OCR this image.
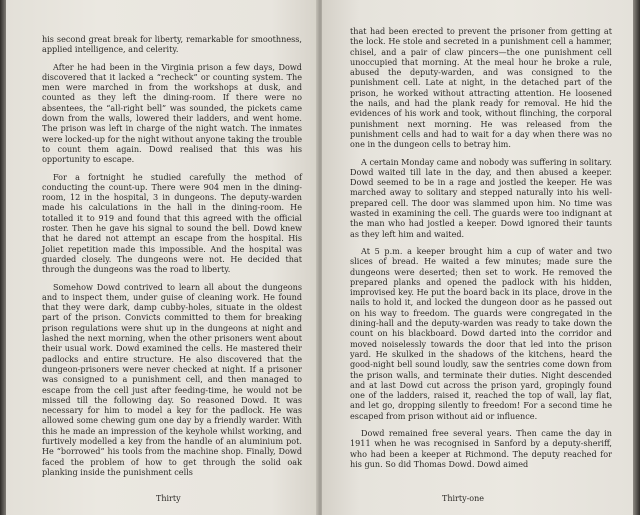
his second great break for liberty, remarkable for smoothness, applied intelligence, and celerity.

After he had been in the Virginia prison a few days, Dowd discovered that it lacked a “recheck” or counting system. The men were marched in from the workshops at dusk, and counted as they left the dining-room. If there were no absentees, the “all-right bell” was sounded, the pickets came down from the walls, lowered their ladders, and went home. The prison was left in charge of the night watch. The inmates were locked-up for the night without anyone taking the trouble to count them again. Dowd realised that this was his opportunity to escape.

For a fortnight he studied carefully the method of conducting the count-up. There were 904 men in the dining-room, 12 in the hospital, 3 in dungeons. The deputy-warden made his calculations in the hall in the dining-room. He totalled it to 919 and found that this agreed with the official roster. Then he gave his signal to sound the bell. Dowd knew that he dared not attempt an escape from the hospital. His Joliet repetition made this impossible. And the hospital was guarded closely. The dungeons were not. He decided that through the dungeons was the road to liberty.

Somehow Dowd contrived to learn all about the dungeons and to inspect them, under guise of cleaning work. He found that they were dark, damp cubby-holes, situate in the oldest part of the prison. Convicts committed to them for breaking prison regulations were shut up in the dungeons at night and lashed the next morning, when the other prisoners went about their usual work. Dowd examined the cells. He mastered their padlocks and entire structure. He also discovered that the dungeon-prisoners were never checked at night. If a prisoner was consigned to a punishment cell, and then managed to escape from the cell just after feeding-time, he would not be missed till the following day. So reasoned Dowd. It was necessary for him to model a key for the padlock. He was allowed some chewing gum one day by a friendly warder. With this he made an impression of the keyhole whilst working, and furtively modelled a key from the handle of an aluminium pot. He “borrowed” his tools from the machine shop. Finally, Dowd faced the problem of how to get through the solid oak planking inside the punishment cells

Thirty

that had been erected to prevent the prisoner from getting at the lock. He stole and secreted in a punishment cell a hammer, chisel, and a pair of claw pincers—the one punishment cell unoccupied that morning. At the meal hour he broke a rule, abused the deputy-warden, and was consigned to the punishment cell. Late at night, in the detached part of the prison, he worked without attracting attention. He loosened the nails, and had the plank ready for removal. He hid the evidences of his work and took, without flinching, the corporal punishment next morning. He was released from the punishment cells and had to wait for a day when there was no one in the dungeon cells to betray him.

A certain Monday came and nobody was suffering in solitary. Dowd waited till late in the day, and then abused a keeper. Dowd seemed to be in a rage and jostled the keeper. He was marched away to solitary and stepped naturally into his well-prepared cell. The door was slammed upon him. No time was wasted in examining the cell. The guards were too indignant at the man who had jostled a keeper. Dowd ignored their taunts as they left him and waited.

At 5 p.m. a keeper brought him a cup of water and two slices of bread. He waited a few minutes; made sure the dungeons were deserted; then set to work. He removed the prepared planks and opened the padlock with his hidden, improvised key. He put the board back in its place, drove in the nails to hold it, and locked the dungeon door as he passed out on his way to freedom. The guards were congregated in the dining-hall and the deputy-warden was ready to take down the count on his blackboard. Dowd darted into the corridor and moved noiselessly towards the door that led into the prison yard. He skulked in the shadows of the kitchens, heard the good-night bell sound loudly, saw the sentries come down from the prison walls, and terminate their duties. Night descended and at last Dowd cut across the prison yard, gropingly found one of the ladders, raised it, reached the top of wall, lay flat, and let go, dropping silently to freedom! For a second time he escaped from prison without aid or influence.

Dowd remained free several years. Then came the day in 1911 when he was recognised in Sanford by a deputy-sheriff, who had been a keeper at Richmond. The deputy reached for his gun. So did Thomas Dowd. Dowd aimed

Thirty-one
